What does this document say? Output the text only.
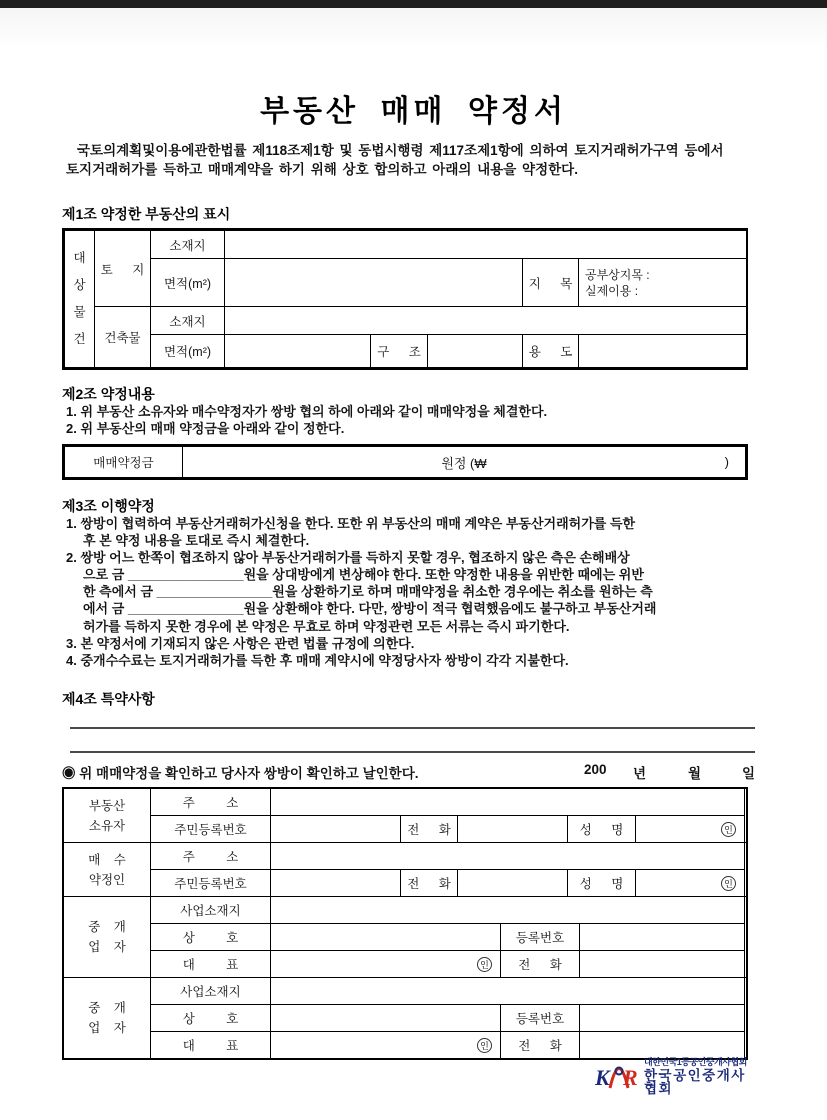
부동산 매매 약정서
국토의계획및이용에관한법률 제118조제1항 및 동법시행령 제117조제1항에 의하여 토지거래허가구역 등에서
토지거래허가를 득하고 매매계약을 하기 위해 상호 합의하고 아래의 내용을 약정한다.
제1조 약정한 부동산의 표시
대상물건	토 지	소재지					
		면적(m²)				지 목	공부상지목 :
실제이용 :

	건축물	소재지					
		면적(m²)		구 조		용 도	
제2조 약정내용
1. 위 부동산 소유자와 매수약정자가 쌍방 협의 하에 아래와 같이 매매약정을 체결한다.
2. 위 부동산의 매매 약정금을 아래와 같이 정한다.
매매약정금	원정 (₩	)
제3조 이행약정
1. 쌍방이 협력하여 부동산거래허가신청을 한다. 또한 위 부동산의 매매 계약은 부동산거래허가를 득한
후 본 약정 내용을 토대로 즉시 체결한다.
2. 쌍방 어느 한쪽이 협조하지 않아 부동산거래허가를 득하지 못할 경우, 협조하지 않은 측은 손해배상
으로 금 ________________원을 상대방에게 변상해야 한다. 또한 약정한 내용을 위반한 때에는 위반
한 측에서 금 ________________원을 상환하기로 하며 매매약정을 취소한 경우에는 취소를 원하는 측
에서 금 ________________원을 상환해야 한다. 다만, 쌍방이 적극 협력했음에도 불구하고 부동산거래
허가를 득하지 못한 경우에 본 약정은 무효로 하며 약정관련 모든 서류는 즉시 파기한다.
3. 본 약정서에 기재되지 않은 사항은 관련 법률 규정에 의한다.
4. 중개수수료는 토지거래허가를 득한 후 매매 계약시에 약정당사자 쌍방이 각각 지불한다.
제4조 특약사항
◉ 위 매매약정을 확인하고 당사자 쌍방이 확인하고 날인한다.	200 년	월	일
부동산
소유자	주 소					
	주민등록번호		전 화		성 명	인
매 수
약정인	주 소					
	주민등록번호		전 화		성 명	인
중 개
업 자	사업소재지			
	상 호		등록번호	
	대 표	인	전 화	
중 개
업 자	사업소재지			
	상 호		등록번호	
	대 표	인	전 화	
K R
대한민국1등공인중개사협회
한국공인중개사협회
